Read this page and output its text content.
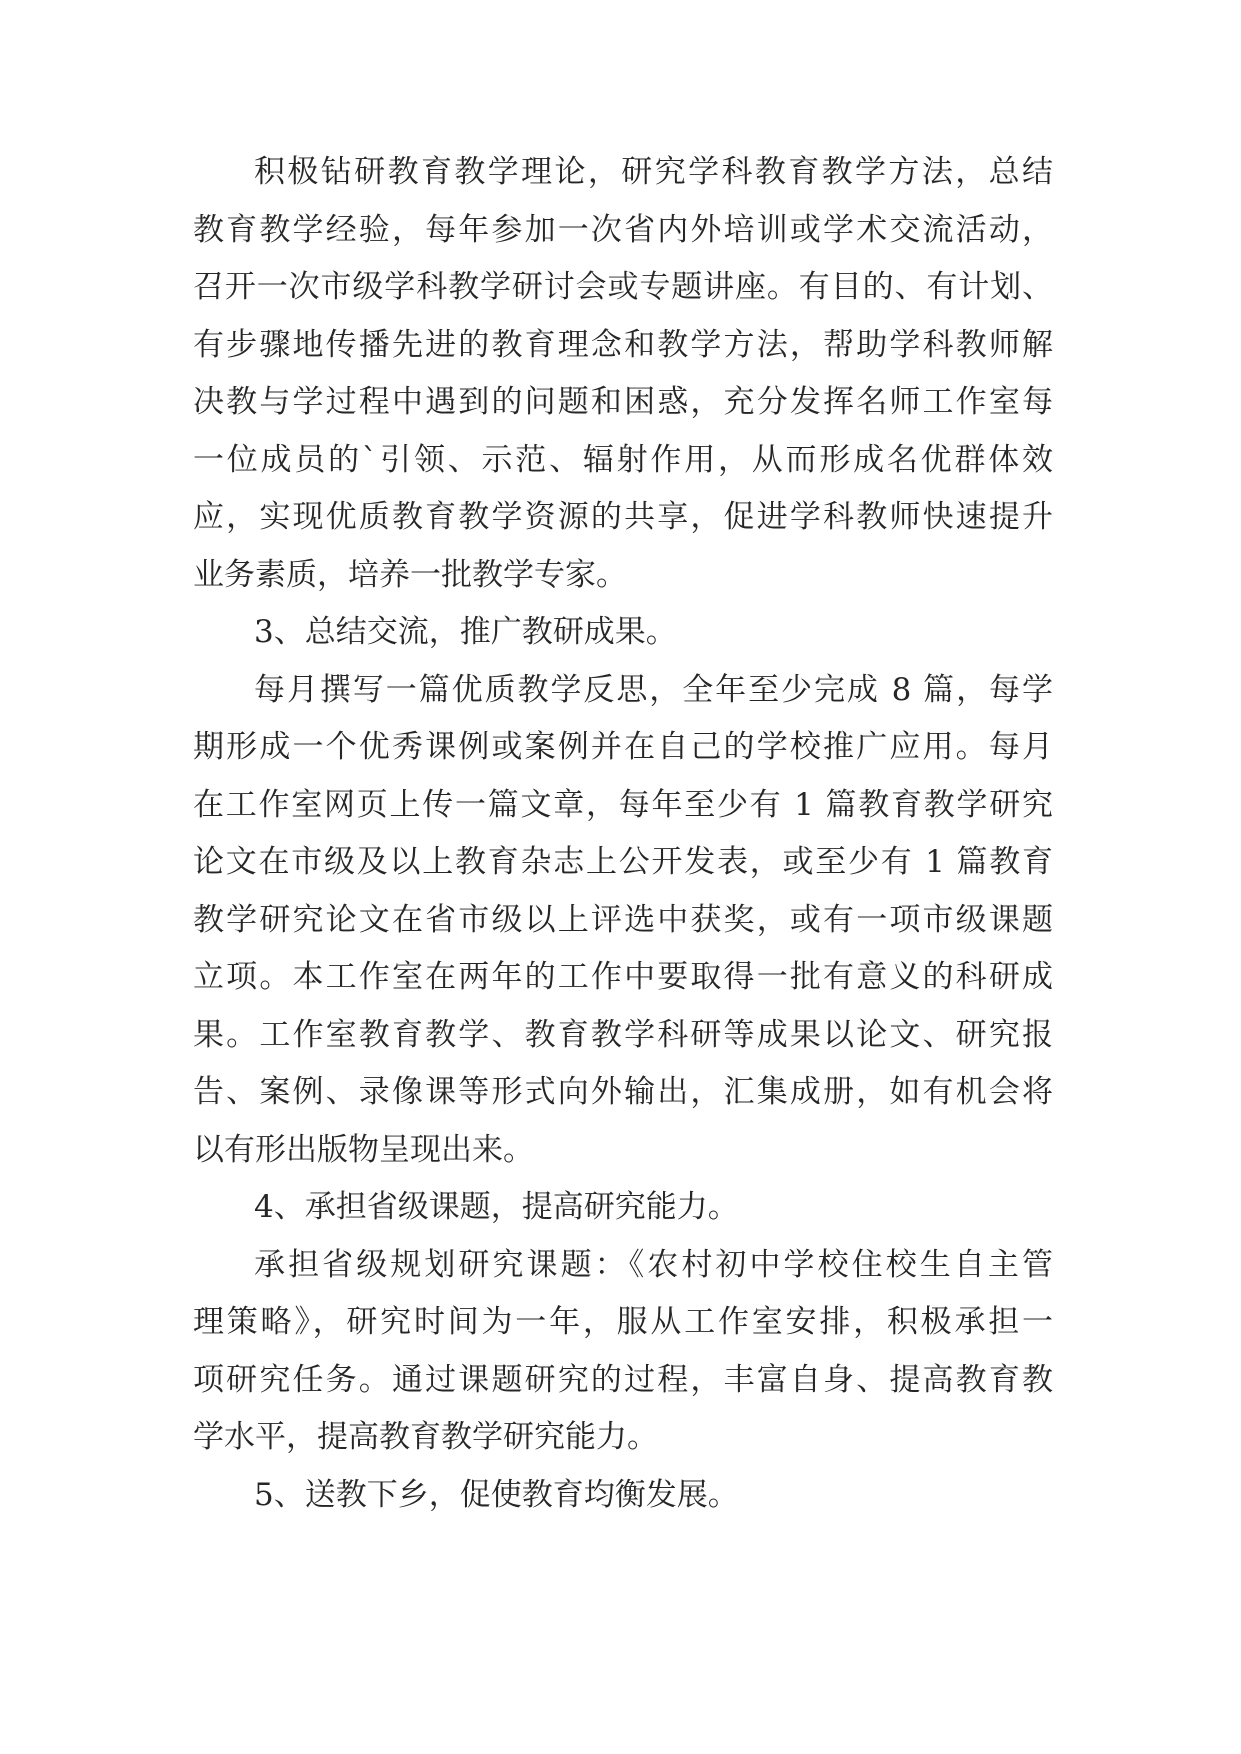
积极钻研教育教学理论，研究学科教育教学方法，总结
教育教学经验，每年参加一次省内外培训或学术交流活动，
召开一次市级学科教学研讨会或专题讲座。有目的、有计划、
有步骤地传播先进的教育理念和教学方法，帮助学科教师解
决教与学过程中遇到的问题和困惑，充分发挥名师工作室每
一位成员的`引领、示范、辐射作用，从而形成名优群体效
应，实现优质教育教学资源的共享，促进学科教师快速提升
业务素质，培养一批教学专家。
3、总结交流，推广教研成果。
每月撰写一篇优质教学反思，全年至少完成 8 篇，每学
期形成一个优秀课例或案例并在自己的学校推广应用。每月
在工作室网页上传一篇文章，每年至少有 1 篇教育教学研究
论文在市级及以上教育杂志上公开发表，或至少有 1 篇教育
教学研究论文在省市级以上评选中获奖，或有一项市级课题
立项。本工作室在两年的工作中要取得一批有意义的科研成
果。工作室教育教学、教育教学科研等成果以论文、研究报
告、案例、录像课等形式向外输出，汇集成册，如有机会将
以有形出版物呈现出来。
4、承担省级课题，提高研究能力。
承担省级规划研究课题：《农村初中学校住校生自主管
理策略》，研究时间为一年，服从工作室安排，积极承担一
项研究任务。通过课题研究的过程，丰富自身、提高教育教
学水平，提高教育教学研究能力。
5、送教下乡，促使教育均衡发展。
